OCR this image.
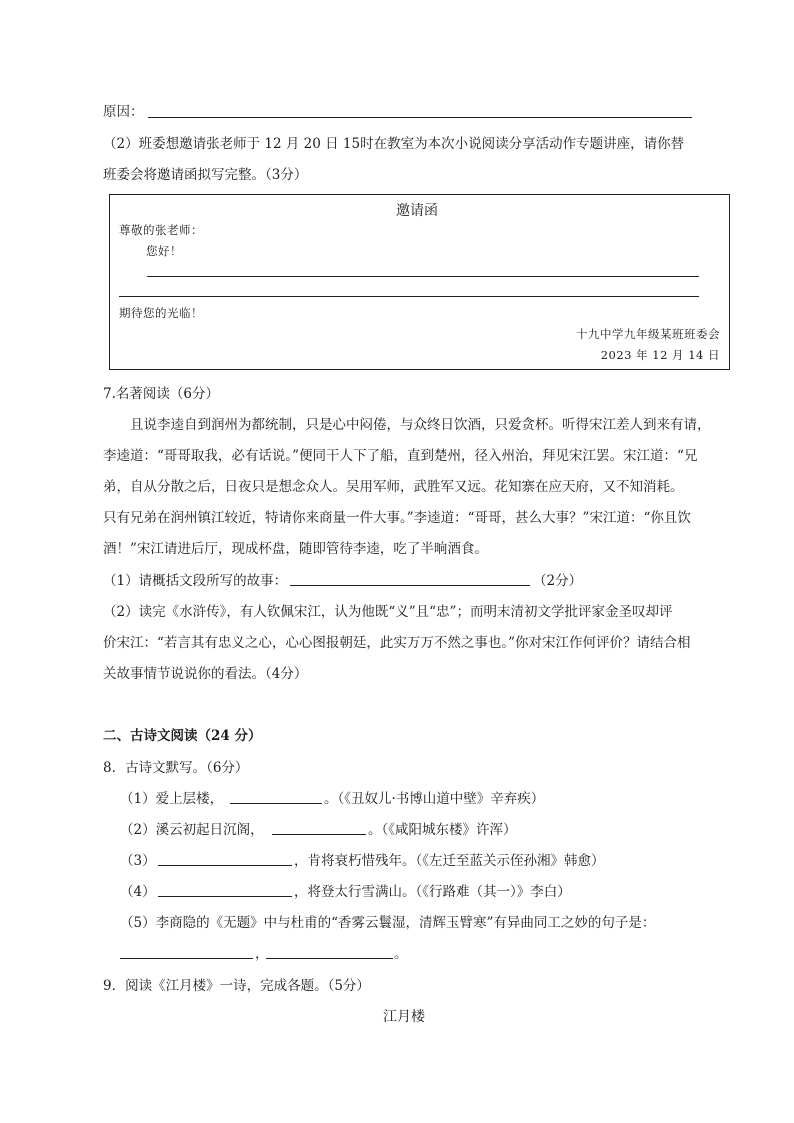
原因：
（2）班委想邀请张老师于 12 月 20 日 15时在教室为本次小说阅读分享活动作专题讲座，请你替
班委会将邀请函拟写完整。（3分）
邀请函
尊敬的张老师：
您好！
期待您的光临！
十九中学九年级某班班委会
2023 年 12 月 14 日
7.名著阅读（6分）
且说李逵自到润州为都统制，只是心中闷倦，与众终日饮酒，只爱贪杯。听得宋江差人到来有请，
李逵道：“哥哥取我，必有话说。”便同干人下了船，直到楚州，径入州治，拜见宋江罢。宋江道：“兄
弟，自从分散之后，日夜只是想念众人。吴用军师，武胜军又远。花知寨在应天府，又不知消耗。
只有兄弟在润州镇江较近，特请你来商量一件大事。”李逵道：“哥哥，甚么大事？”宋江道：“你且饮
酒！”宋江请进后厅，现成杯盘，随即管待李逵，吃了半晌酒食。
（1）请概括文段所写的故事：	（2分）
（2）读完《水浒传》，有人钦佩宋江，认为他既“义”且“忠”；而明末清初文学批评家金圣叹却评
价宋江：“若言其有忠义之心，心心图报朝廷，此实万万不然之事也。”你对宋江作何评价？请结合相
关故事情节说说你的看法。（4分）
二、古诗文阅读（24 分）
8．古诗文默写。（6分）
（1）爱上层楼，	。（《丑奴儿·书博山道中壁》辛弃疾）
（2）溪云初起日沉阁，	。（《咸阳城东楼》许浑）
（3）	，肯将衰朽惜残年。（《左迁至蓝关示侄孙湘》韩愈）
（4）	，将登太行雪满山。（《行路难（其一）》李白）
（5）李商隐的《无题》中与杜甫的“香雾云鬟湿，清辉玉臂寒”有异曲同工之妙的句子是：
，	。
9．阅读《江月楼》一诗，完成各题。（5分）
江月楼
